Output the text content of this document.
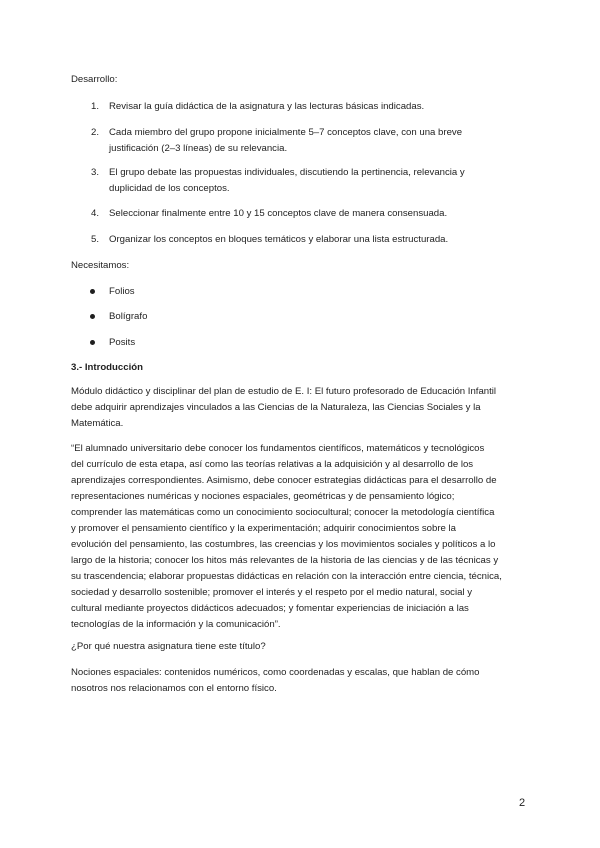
Desarrollo:
1. Revisar la guía didáctica de la asignatura y las lecturas básicas indicadas.
2. Cada miembro del grupo propone inicialmente 5–7 conceptos clave, con una breve
justificación (2–3 líneas) de su relevancia.
3. El grupo debate las propuestas individuales, discutiendo la pertinencia, relevancia y
duplicidad de los conceptos.
4. Seleccionar finalmente entre 10 y 15 conceptos clave de manera consensuada.
5. Organizar los conceptos en bloques temáticos y elaborar una lista estructurada.
Necesitamos:
Folios
Bolígrafo
Posits
3.- Introducción
Módulo didáctico y disciplinar del plan de estudio de E. I: El futuro profesorado de Educación Infantil
debe adquirir aprendizajes vinculados a las Ciencias de la Naturaleza, las Ciencias Sociales y la
Matemática.
“El alumnado universitario debe conocer los fundamentos científicos, matemáticos y tecnológicos
del currículo de esta etapa, así como las teorías relativas a la adquisición y al desarrollo de los
aprendizajes correspondientes. Asimismo, debe conocer estrategias didácticas para el desarrollo de
representaciones numéricas y nociones espaciales, geométricas y de pensamiento lógico;
comprender las matemáticas como un conocimiento sociocultural; conocer la metodología científica
y promover el pensamiento científico y la experimentación; adquirir conocimientos sobre la
evolución del pensamiento, las costumbres, las creencias y los movimientos sociales y políticos a lo
largo de la historia; conocer los hitos más relevantes de la historia de las ciencias y de las técnicas y
su trascendencia; elaborar propuestas didácticas en relación con la interacción entre ciencia, técnica,
sociedad y desarrollo sostenible; promover el interés y el respeto por el medio natural, social y
cultural mediante proyectos didácticos adecuados; y fomentar experiencias de iniciación a las
tecnologías de la información y la comunicación”.
¿Por qué nuestra asignatura tiene este título?
Nociones espaciales: contenidos numéricos, como coordenadas y escalas, que hablan de cómo
nosotros nos relacionamos con el entorno físico.
2
